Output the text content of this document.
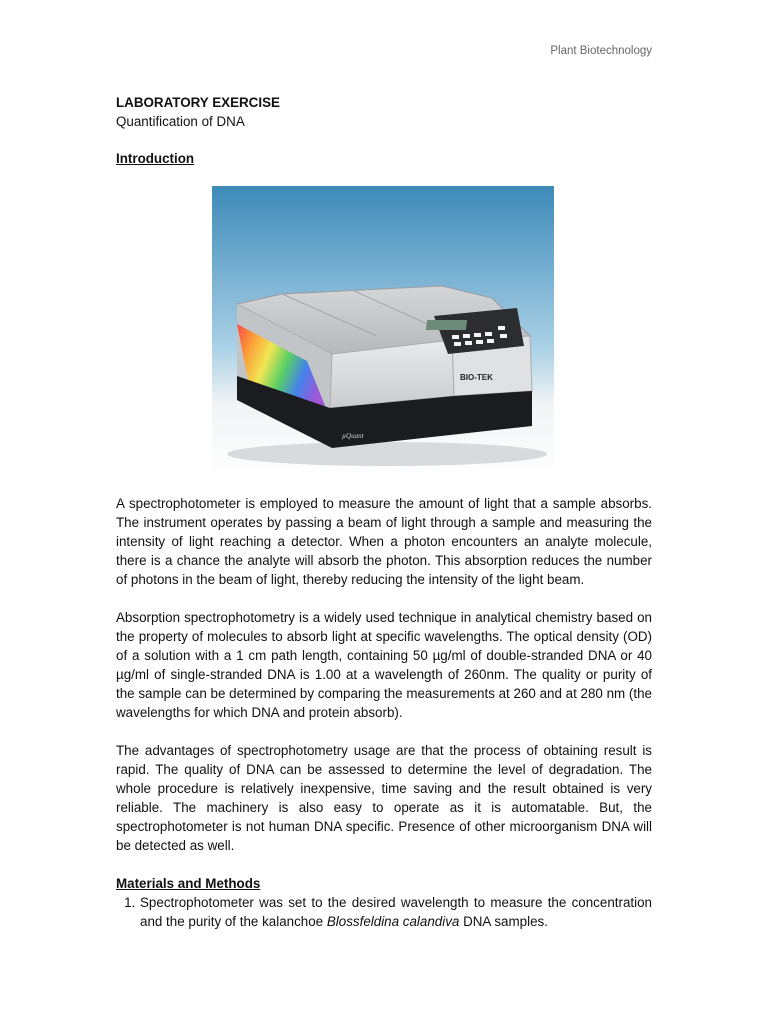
Plant Biotechnology

LABORATORY EXERCISE

Quantification of DNA

Introduction

BIO-TEK
µQuant

A spectrophotometer is employed to measure the amount of light that a sample absorbs. The instrument operates by passing a beam of light through a sample and measuring the intensity of light reaching a detector. When a photon encounters an analyte molecule, there is a chance the analyte will absorb the photon. This absorption reduces the number of photons in the beam of light, thereby reducing the intensity of the light beam.

Absorption spectrophotometry is a widely used technique in analytical chemistry based on the property of molecules to absorb light at specific wavelengths. The optical density (OD) of a solution with a 1 cm path length, containing 50 µg/ml of double-stranded DNA or 40 µg/ml of single-stranded DNA is 1.00 at a wavelength of 260nm. The quality or purity of the sample can be determined by comparing the measurements at 260 and at 280 nm (the wavelengths for which DNA and protein absorb).

The advantages of spectrophotometry usage are that the process of obtaining result is rapid. The quality of DNA can be assessed to determine the level of degradation. The whole procedure is relatively inexpensive, time saving and the result obtained is very reliable. The machinery is also easy to operate as it is automatable. But, the spectrophotometer is not human DNA specific. Presence of other microorganism DNA will be detected as well.

Materials and Methods

1. Spectrophotometer was set to the desired wavelength to measure the concentration and the purity of the kalanchoe Blossfeldina calandiva DNA samples.
